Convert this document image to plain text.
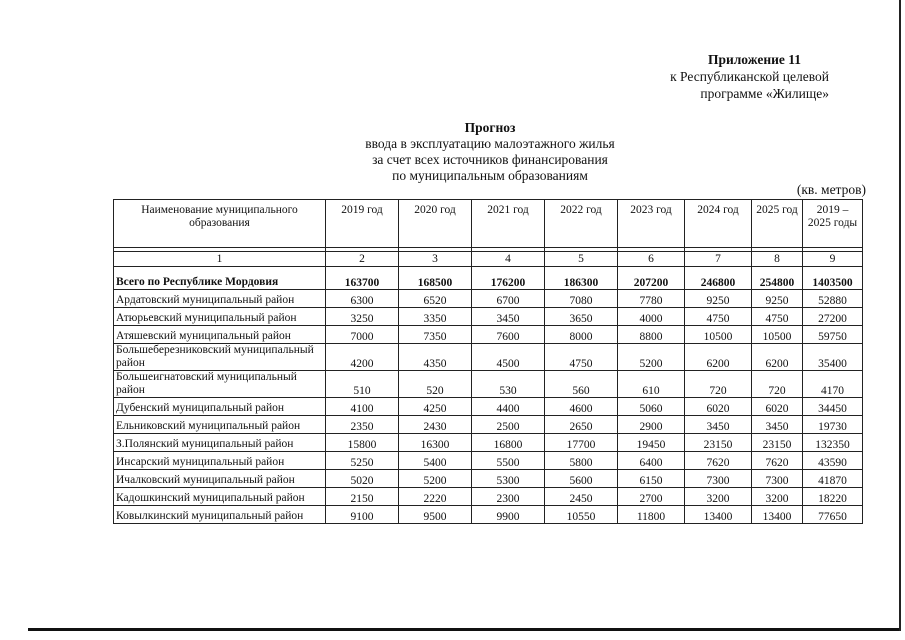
Приложение 11
к Республиканской целевой
программе «Жилище»
Прогноз
ввода в эксплуатацию малоэтажного жилья
за счет всех источников финансирования
по муниципальным образованиям
(кв. метров)
Наименование муниципального образования	2019 год	2020 год	2021 год	2022 год	2023 год	2024 год	2025 год	2019 – 2025 годы

1	2	3	4	5	6	7	8	9
Всего по Республике Мордовия	163700	168500	176200	186300	207200	246800	254800	1403500
Ардатовский муниципальный район	6300	6520	6700	7080	7780	9250	9250	52880
Атюрьевский муниципальный район	3250	3350	3450	3650	4000	4750	4750	27200
Атяшевский муниципальный район	7000	7350	7600	8000	8800	10500	10500	59750
Большеберезниковский муниципальный район	4200	4350	4500	4750	5200	6200	6200	35400
Большеигнатовский муниципальный район	510	520	530	560	610	720	720	4170
Дубенский муниципальный район	4100	4250	4400	4600	5060	6020	6020	34450
Ельниковский муниципальный район	2350	2430	2500	2650	2900	3450	3450	19730
З.Полянский муниципальный район	15800	16300	16800	17700	19450	23150	23150	132350
Инсарский муниципальный район	5250	5400	5500	5800	6400	7620	7620	43590
Ичалковский муниципальный район	5020	5200	5300	5600	6150	7300	7300	41870
Кадошкинский муниципальный район	2150	2220	2300	2450	2700	3200	3200	18220
Ковылкинский муниципальный район	9100	9500	9900	10550	11800	13400	13400	77650
